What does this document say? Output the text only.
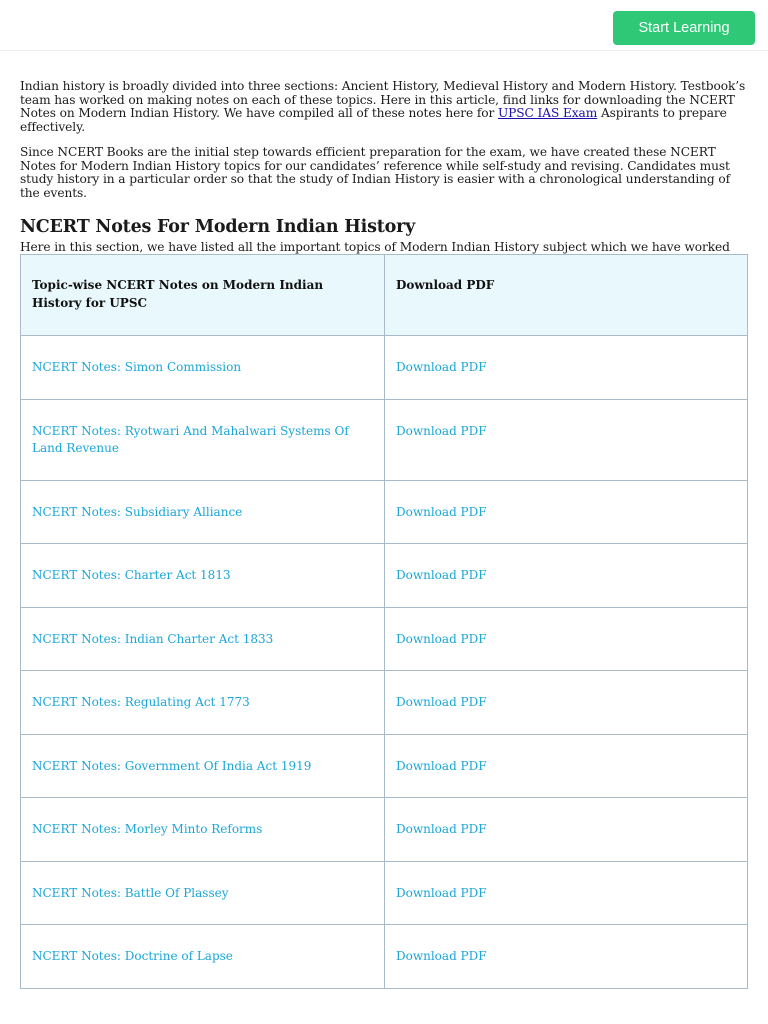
Start Learning

Indian history is broadly divided into three sections: Ancient History, Medieval History and Modern History. Testbook’s team has worked on making notes on each of these topics. Here in this article, find links for downloading the NCERT Notes on Modern Indian History. We have compiled all of these notes here for UPSC IAS Exam Aspirants to prepare effectively.

Since NCERT Books are the initial step towards efficient preparation for the exam, we have created these NCERT Notes for Modern Indian History topics for our candidates’ reference while self-study and revising. Candidates must study history in a particular order so that the study of Indian History is easier with a chronological understanding of the events.

NCERT Notes For Modern Indian History

Here in this section, we have listed all the important topics of Modern Indian History subject which we have worked

Topic-wise NCERT Notes on Modern Indian History for UPSC	Download PDF
NCERT Notes: Simon Commission	Download PDF
NCERT Notes: Ryotwari And Mahalwari Systems Of Land Revenue	Download PDF
NCERT Notes: Subsidiary Alliance	Download PDF
NCERT Notes: Charter Act 1813	Download PDF
NCERT Notes: Indian Charter Act 1833	Download PDF
NCERT Notes: Regulating Act 1773	Download PDF
NCERT Notes: Government Of India Act 1919	Download PDF
NCERT Notes: Morley Minto Reforms	Download PDF
NCERT Notes: Battle Of Plassey	Download PDF
NCERT Notes: Doctrine of Lapse	Download PDF
